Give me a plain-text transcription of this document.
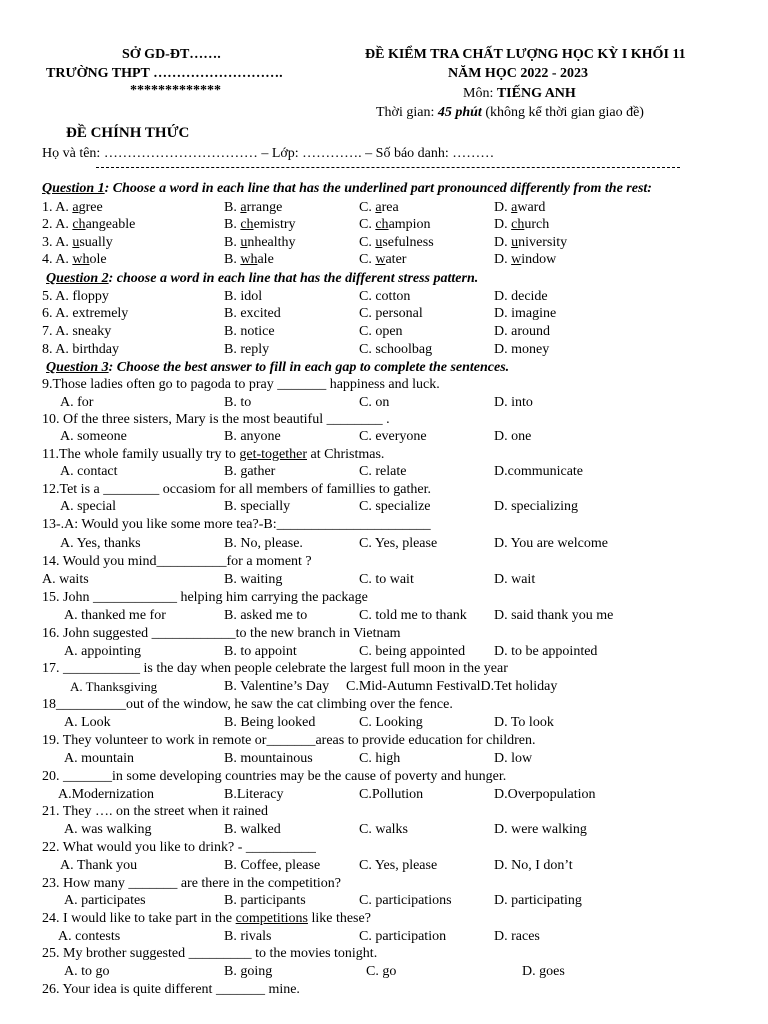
SỞ GD-ĐT…….
TRƯỜNG THPT ……………………….
*************
ĐỀ KIỂM TRA CHẤT LƯỢNG HỌC KỲ I KHỐI 11
NĂM HỌC 2022 - 2023
Môn: TIẾNG ANH
Thời gian: 45 phút (không kể thời gian giao đề)
ĐỀ CHÍNH THỨC
Họ và tên: …………………………… – Lớp: …………. – Số báo danh: ………
Question 1: Choose a word in each line that has the underlined part pronounced differently from the rest:
1. A. agree	B. arrange	C. area	D. award
2. A. changeable	B. chemistry	C. champion	D. church
3. A. usually	B. unhealthy	C. usefulness	D. university
4. A. whole	B. whale	C. water	D. window
Question 2: choose a word in each line that has the different stress pattern.
5. A. floppy	B. idol	C. cotton	D. decide
6. A. extremely	B. excited	C. personal	D. imagine
7. A. sneaky	B. notice	C. open	D. around
8. A. birthday	B. reply	C. schoolbag	D. money
Question 3: Choose the best answer to fill in each gap to complete the sentences.
9.Those ladies often go to pagoda to pray _______ happiness and luck.
A. for	B. to	C. on	D. into
10. Of the three sisters, Mary is the most beautiful ________ .
A. someone	B. anyone	C. everyone	D. one
11.The whole family usually try to get-together at Christmas.
A. contact	B. gather	C. relate	D.communicate
12.Tet is a ________ occasiom for all members of famillies to gather.
A. special	B. specially	C. specialize	D. specializing
13-.A: Would you like some more tea?-B:______________________
A. Yes, thanks	B. No, please.	C. Yes, please	D. You are welcome
14. Would you mind__________for a moment ?
A. waits	B. waiting	C. to wait	D. wait
15. John ____________ helping him carrying the package
A. thanked me for	B. asked me to	C. told me to thank D. said thank you me
16. John suggested ____________to the new branch in Vietnam
A. appointing	B. to appoint	C. being appointed D. to be appointed
17. ___________ is the day when people celebrate the largest full moon in the year
A. Thanksgiving	B. Valentine’s Day C.Mid-Autumn FestivalD.Tet holiday
18__________out of the window, he saw the cat climbing over the fence.
A. Look	B. Being looked	C. Looking	D. To look
19. They volunteer to work in remote or_______areas to provide education for children.
A. mountain	B. mountainous	C. high	D. low
20. _______in some developing countries may be the cause of poverty and hunger.
A.Modernization	B.Literacy	C.Pollution	D.Overpopulation
21. They …. on the street when it rained
A. was walking	B. walked	C. walks	D. were walking
22. What would you like to drink? - __________
A. Thank you	B. Coffee, please	C. Yes, please	D. No, I don’t
23. How many _______ are there in the competition?
A. participates	B. participants	C. participations	D. participating
24. I would like to take part in the competitions like these?
A. contests	B. rivals	C. participation	D. races
25. My brother suggested _________ to the movies tonight.
A. to go	B. going	C. go	D. goes
26. Your idea is quite different _______ mine.
